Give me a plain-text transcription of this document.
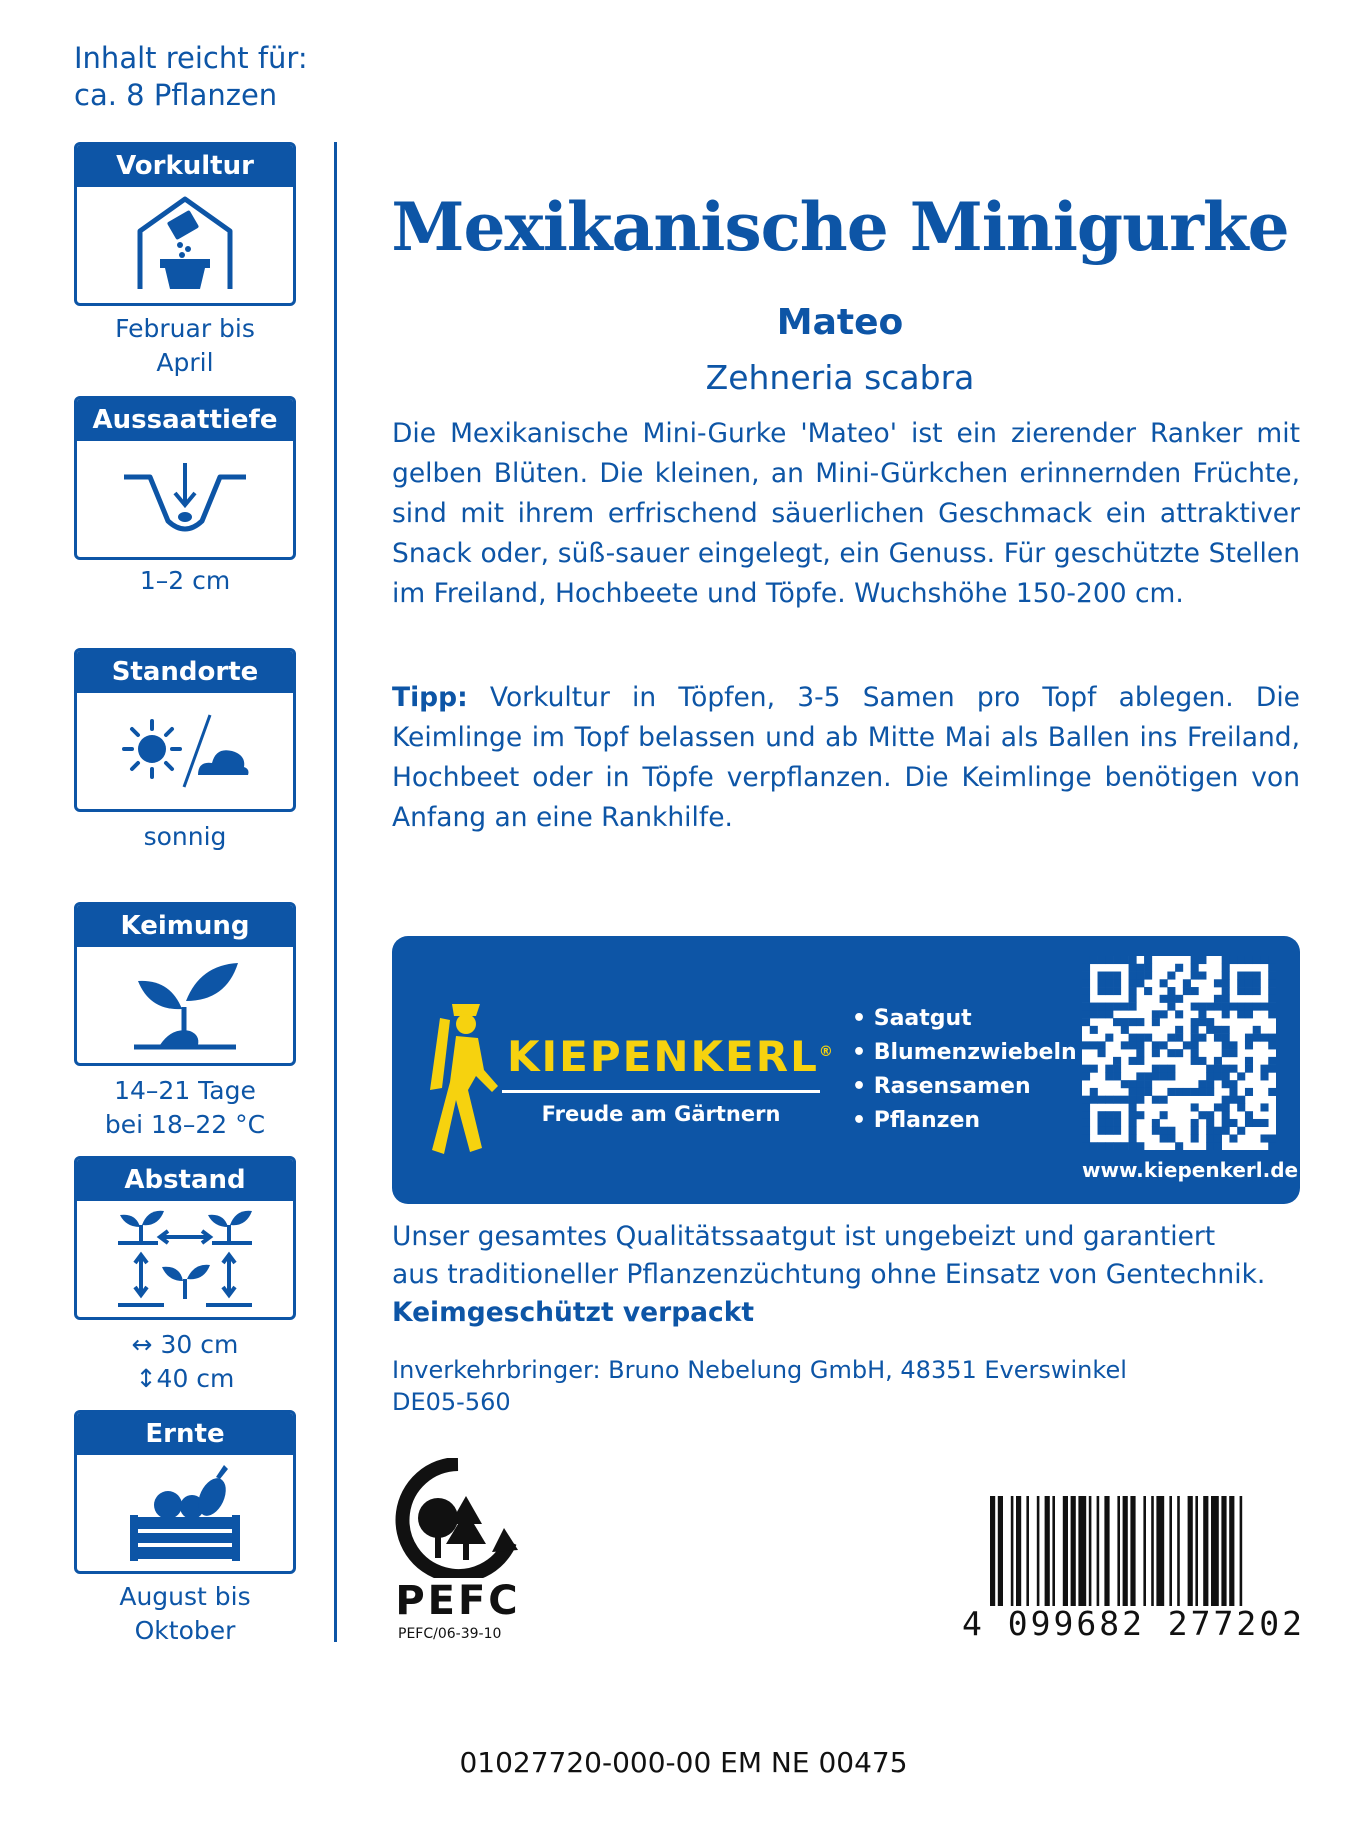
Inhalt reicht für:
ca. 8 Pflanzen
Vorkultur
Februar bis
April
Aussaattiefe
1–2 cm
Standorte
sonnig
Keimung
14–21 Tage
bei 18–22 °C
Abstand
↔ 30 cm
↕40 cm
Ernte
August bis
Oktober
Mexikanische Minigurke
Mateo
Zehneria scabra

Die Mexikanische Mini-Gurke 'Mateo' ist ein zierender Ranker mit gelben Blüten. Die kleinen, an Mini-Gürkchen erinnernden Früchte, sind mit ihrem erfrischend säuerlichen Geschmack ein attraktiver Snack oder, süß-sauer eingelegt, ein Genuss. Für geschützte Stellen im Freiland, Hochbeete und Töpfe. Wuchshöhe 150-200 cm.

Tipp: Vorkultur in Töpfen, 3-5 Samen pro Topf ablegen. Die Keimlinge im Topf belassen und ab Mitte Mai als Ballen ins Freiland, Hochbeet oder in Töpfe verpflanzen. Die Keimlinge benötigen von Anfang an eine Rankhilfe.

KIEPENKERL®
Freude am Gärtnern
• Saatgut
• Blumenzwiebeln
• Rasensamen
• Pflanzen
www.kiepenkerl.de
Unser gesamtes Qualitätssaatgut ist ungebeizt und garantiert
aus traditioneller Pflanzenzüchtung ohne Einsatz von Gentechnik.
Keimgeschützt verpackt
Inverkehrbringer: Bruno Nebelung GmbH, 48351 Everswinkel
DE05-560
PEFC
PEFC/06-39-10	4 099682 277202
01027720-000-00 EM NE 00475
